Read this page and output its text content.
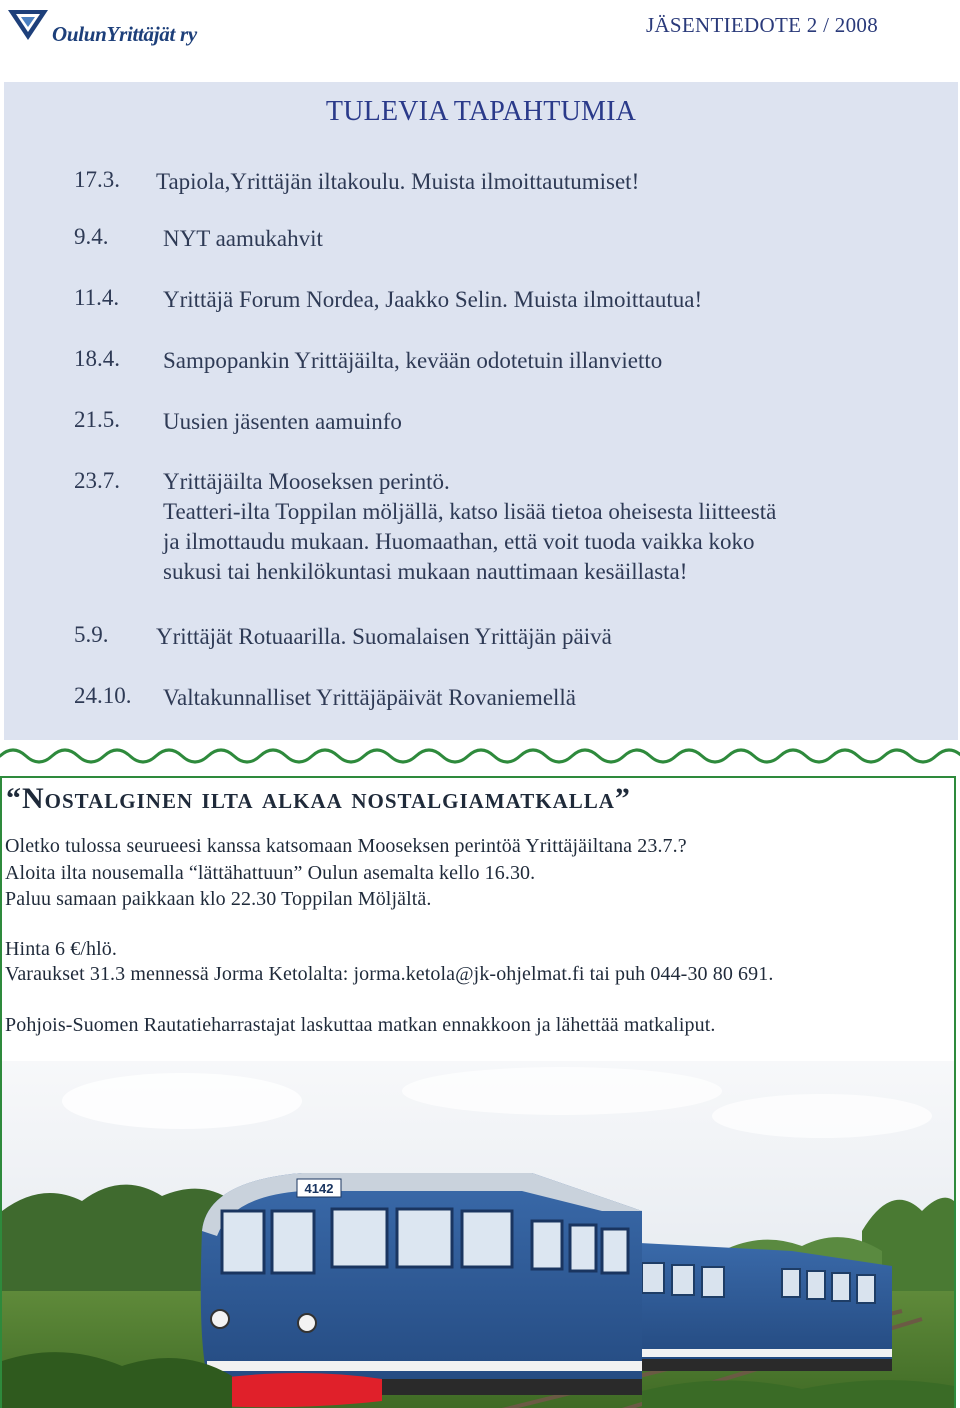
OulunYrittäjät ry	JÄSENTIEDOTE 2 / 2008
TULEVIA TAPAHTUMIA
17.3. Tapiola,Yrittäjän iltakoulu. Muista ilmoittautumiset!
9.4. NYT aamukahvit
11.4. Yrittäjä Forum Nordea, Jaakko Selin. Muista ilmoittautua!
18.4. Sampopankin Yrittäjäilta, kevään odotetuin illanvietto
21.5. Uusien jäsenten aamuinfo
23.7. Yrittäjäilta Mooseksen perintö.
Teatteri-ilta Toppilan möljällä, katso lisää tietoa oheisesta liitteestä
ja ilmottaudu mukaan. Huomaathan, että voit tuoda vaikka koko
sukusi tai henkilökuntasi mukaan nauttimaan kesäillasta!
5.9. Yrittäjät Rotuaarilla. Suomalaisen Yrittäjän päivä
24.10. Valtakunnalliset Yrittäjäpäivät Rovaniemellä
“Nostalginen ilta alkaa nostalgiamatkalla”
Oletko tulossa seurueesi kanssa katsomaan Mooseksen perintöä Yrittäjäiltana 23.7.?
Aloita ilta nousemalla “lättähattuun” Oulun asemalta kello 16.30.
Paluu samaan paikkaan klo 22.30 Toppilan Möljältä.
Hinta 6 €/hlö.
Varaukset 31.3 mennessä Jorma Ketolalta: jorma.ketola@jk-ohjelmat.fi tai puh 044-30 80 691.
Pohjois-Suomen Rautatieharrastajat laskuttaa matkan ennakkoon ja lähettää matkaliput.
4142
